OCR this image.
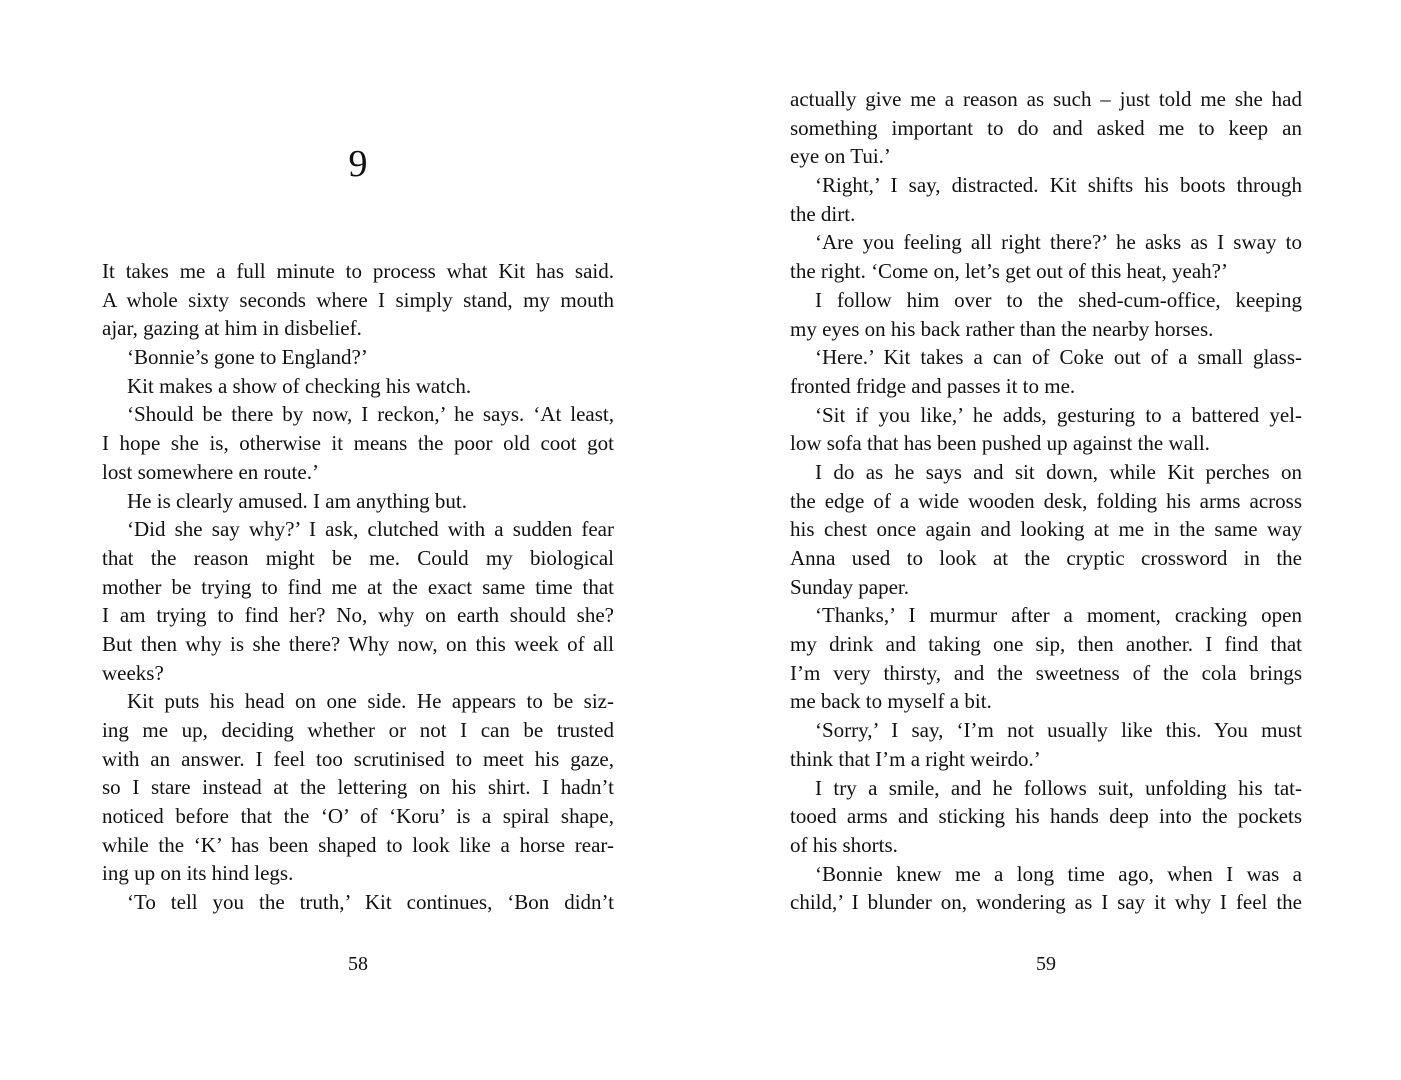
9
It takes me a full minute to process what Kit has said.
A whole sixty seconds where I simply stand, my mouth
ajar, gazing at him in disbelief.
‘Bonnie’s gone to England?’
Kit makes a show of checking his watch.
‘Should be there by now, I reckon,’ he says. ‘At least,
I hope she is, otherwise it means the poor old coot got
lost somewhere en route.’
He is clearly amused. I am anything but.
‘Did she say why?’ I ask, clutched with a sudden fear
that the reason might be me. Could my biological
mother be trying to find me at the exact same time that
I am trying to find her? No, why on earth should she?
But then why is she there? Why now, on this week of all
weeks?
Kit puts his head on one side. He appears to be siz-
ing me up, deciding whether or not I can be trusted
with an answer. I feel too scrutinised to meet his gaze,
so I stare instead at the lettering on his shirt. I hadn’t
noticed before that the ‘O’ of ‘Koru’ is a spiral shape,
while the ‘K’ has been shaped to look like a horse rear-
ing up on its hind legs.
‘To tell you the truth,’ Kit continues, ‘Bon didn’t
58
actually give me a reason as such – just told me she had
something important to do and asked me to keep an
eye on Tui.’
‘Right,’ I say, distracted. Kit shifts his boots through
the dirt.
‘Are you feeling all right there?’ he asks as I sway to
the right. ‘Come on, let’s get out of this heat, yeah?’
I follow him over to the shed-cum-office, keeping
my eyes on his back rather than the nearby horses.
‘Here.’ Kit takes a can of Coke out of a small glass-
fronted fridge and passes it to me.
‘Sit if you like,’ he adds, gesturing to a battered yel-
low sofa that has been pushed up against the wall.
I do as he says and sit down, while Kit perches on
the edge of a wide wooden desk, folding his arms across
his chest once again and looking at me in the same way
Anna used to look at the cryptic crossword in the
Sunday paper.
‘Thanks,’ I murmur after a moment, cracking open
my drink and taking one sip, then another. I find that
I’m very thirsty, and the sweetness of the cola brings
me back to myself a bit.
‘Sorry,’ I say, ‘I’m not usually like this. You must
think that I’m a right weirdo.’
I try a smile, and he follows suit, unfolding his tat-
tooed arms and sticking his hands deep into the pockets
of his shorts.
‘Bonnie knew me a long time ago, when I was a
child,’ I blunder on, wondering as I say it why I feel the
59
